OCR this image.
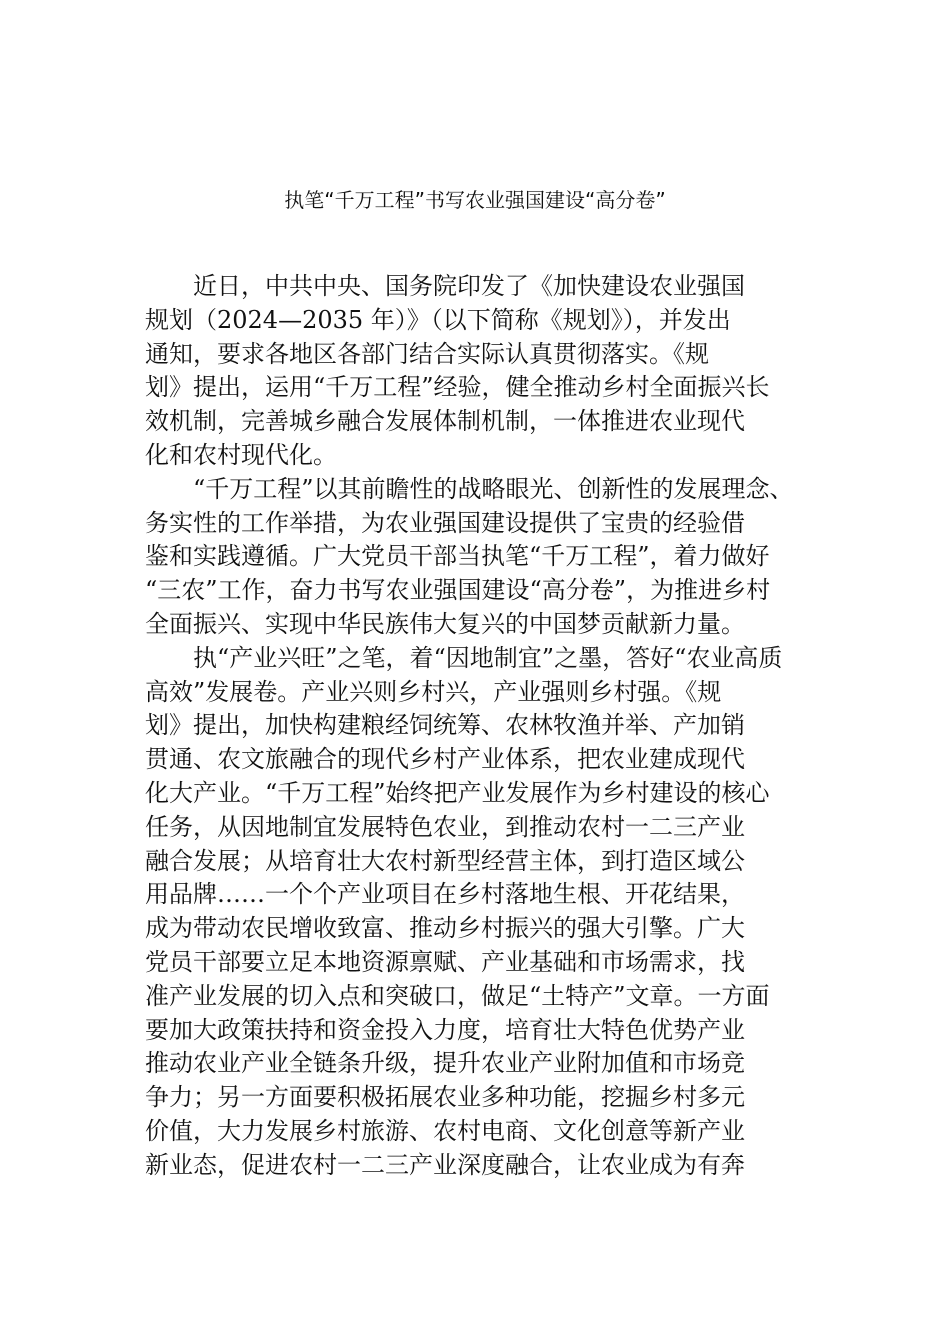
执笔“千万工程”书写农业强国建设“高分卷”
近日，中共中央、国务院印发了《加快建设农业强国
规划（2024—2035 年）》（以下简称《规划》），并发出
通知，要求各地区各部门结合实际认真贯彻落实。《规
划》提出，运用“千万工程”经验，健全推动乡村全面振兴长
效机制，完善城乡融合发展体制机制，一体推进农业现代
化和农村现代化。
“千万工程”以其前瞻性的战略眼光、创新性的发展理念、
务实性的工作举措，为农业强国建设提供了宝贵的经验借
鉴和实践遵循。广大党员干部当执笔“千万工程”，着力做好
“三农”工作，奋力书写农业强国建设“高分卷”，为推进乡村
全面振兴、实现中华民族伟大复兴的中国梦贡献新力量。
执“产业兴旺”之笔，着“因地制宜”之墨，答好“农业高质
高效”发展卷。产业兴则乡村兴，产业强则乡村强。《规
划》提出，加快构建粮经饲统筹、农林牧渔并举、产加销
贯通、农文旅融合的现代乡村产业体系，把农业建成现代
化大产业。“千万工程”始终把产业发展作为乡村建设的核心
任务，从因地制宜发展特色农业，到推动农村一二三产业
融合发展；从培育壮大农村新型经营主体，到打造区域公
用品牌……一个个产业项目在乡村落地生根、开花结果，
成为带动农民增收致富、推动乡村振兴的强大引擎。广大
党员干部要立足本地资源禀赋、产业基础和市场需求，找
准产业发展的切入点和突破口，做足“土特产”文章。一方面
要加大政策扶持和资金投入力度，培育壮大特色优势产业
推动农业产业全链条升级，提升农业产业附加值和市场竞
争力；另一方面要积极拓展农业多种功能，挖掘乡村多元
价值，大力发展乡村旅游、农村电商、文化创意等新产业
新业态，促进农村一二三产业深度融合，让农业成为有奔
